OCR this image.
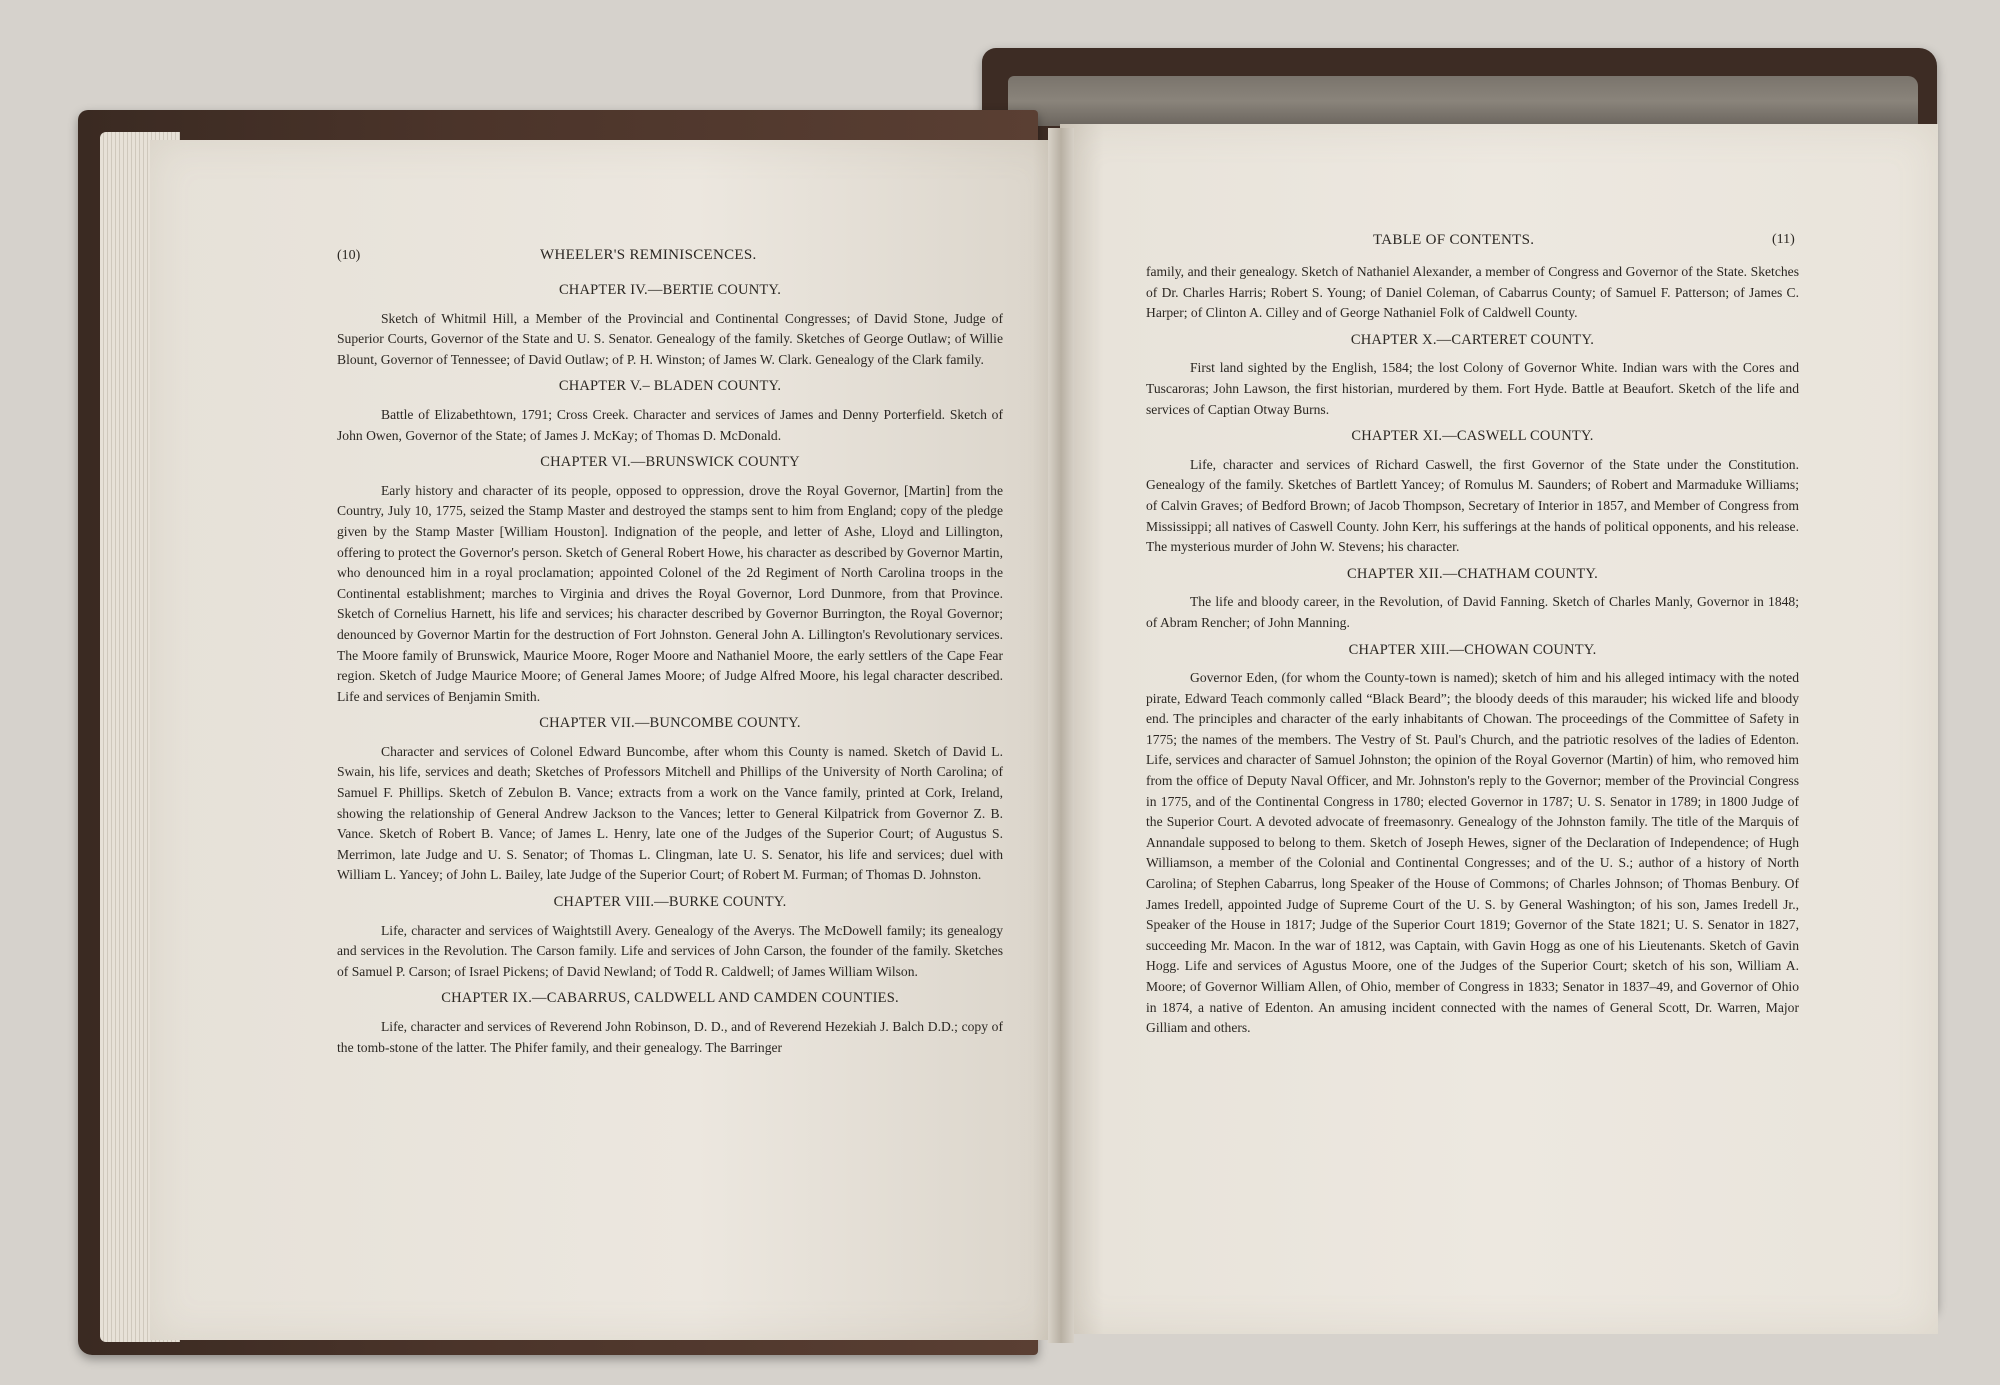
(10)	WHEELER'S REMINISCENCES.
CHAPTER IV.—BERTIE COUNTY.

Sketch of Whitmil Hill, a Member of the Provincial and Continental Congresses; of David Stone, Judge of Superior Courts, Governor of the State and U. S. Senator. Genealogy of the family. Sketches of George Outlaw; of Willie Blount, Governor of Tennessee; of David Outlaw; of P. H. Winston; of James W. Clark. Genealogy of the Clark family.

CHAPTER V.– BLADEN COUNTY.

Battle of Elizabethtown, 1791; Cross Creek. Character and services of James and Denny Porterfield. Sketch of John Owen, Governor of the State; of James J. McKay; of Thomas D. McDonald.

CHAPTER VI.—BRUNSWICK COUNTY

Early history and character of its people, opposed to oppression, drove the Royal Governor, [Martin] from the Country, July 10, 1775, seized the Stamp Master and destroyed the stamps sent to him from England; copy of the pledge given by the Stamp Master [William Houston]. Indignation of the people, and letter of Ashe, Lloyd and Lillington, offering to protect the Governor's person. Sketch of General Robert Howe, his character as described by Governor Martin, who denounced him in a royal proclamation; appointed Colonel of the 2d Regiment of North Carolina troops in the Continental establishment; marches to Virginia and drives the Royal Governor, Lord Dunmore, from that Province. Sketch of Cornelius Harnett, his life and services; his character described by Governor Burrington, the Royal Governor; denounced by Governor Martin for the destruction of Fort Johnston. General John A. Lillington's Revolutionary services. The Moore family of Brunswick, Maurice Moore, Roger Moore and Nathaniel Moore, the early settlers of the Cape Fear region. Sketch of Judge Maurice Moore; of General James Moore; of Judge Alfred Moore, his legal character described. Life and services of Benjamin Smith.

CHAPTER VII.—BUNCOMBE COUNTY.

Character and services of Colonel Edward Buncombe, after whom this County is named. Sketch of David L. Swain, his life, services and death; Sketches of Professors Mitchell and Phillips of the University of North Carolina; of Samuel F. Phillips. Sketch of Zebulon B. Vance; extracts from a work on the Vance family, printed at Cork, Ireland, showing the relationship of General Andrew Jackson to the Vances; letter to General Kilpatrick from Governor Z. B. Vance. Sketch of Robert B. Vance; of James L. Henry, late one of the Judges of the Superior Court; of Augustus S. Merrimon, late Judge and U. S. Senator; of Thomas L. Clingman, late U. S. Senator, his life and services; duel with William L. Yancey; of John L. Bailey, late Judge of the Superior Court; of Robert M. Furman; of Thomas D. Johnston.

CHAPTER VIII.—BURKE COUNTY.

Life, character and services of Waightstill Avery. Genealogy of the Averys. The McDowell family; its genealogy and services in the Revolution. The Carson family. Life and services of John Carson, the founder of the family. Sketches of Samuel P. Carson; of Israel Pickens; of David Newland; of Todd R. Caldwell; of James William Wilson.

CHAPTER IX.—CABARRUS, CALDWELL AND CAMDEN COUNTIES.

Life, character and services of Reverend John Robinson, D. D., and of Reverend Hezekiah J. Balch D.D.; copy of the tomb-stone of the latter. The Phifer family, and their genealogy. The Barringer

TABLE OF CONTENTS.	(11)

family, and their genealogy. Sketch of Nathaniel Alexander, a member of Congress and Governor of the State. Sketches of Dr. Charles Harris; Robert S. Young; of Daniel Coleman, of Cabarrus County; of Samuel F. Patterson; of James C. Harper; of Clinton A. Cilley and of George Nathaniel Folk of Caldwell County.

CHAPTER X.—CARTERET COUNTY.

First land sighted by the English, 1584; the lost Colony of Governor White. Indian wars with the Cores and Tuscaroras; John Lawson, the first historian, murdered by them. Fort Hyde. Battle at Beaufort. Sketch of the life and services of Captian Otway Burns.

CHAPTER XI.—CASWELL COUNTY.

Life, character and services of Richard Caswell, the first Governor of the State under the Constitution. Genealogy of the family. Sketches of Bartlett Yancey; of Romulus M. Saunders; of Robert and Marmaduke Williams; of Calvin Graves; of Bedford Brown; of Jacob Thompson, Secretary of Interior in 1857, and Member of Congress from Mississippi; all natives of Caswell County. John Kerr, his sufferings at the hands of political opponents, and his release. The mysterious murder of John W. Stevens; his character.

CHAPTER XII.—CHATHAM COUNTY.

The life and bloody career, in the Revolution, of David Fanning. Sketch of Charles Manly, Governor in 1848; of Abram Rencher; of John Manning.

CHAPTER XIII.—CHOWAN COUNTY.

Governor Eden, (for whom the County-town is named); sketch of him and his alleged intimacy with the noted pirate, Edward Teach commonly called “Black Beard”; the bloody deeds of this marauder; his wicked life and bloody end. The principles and character of the early inhabitants of Chowan. The proceedings of the Committee of Safety in 1775; the names of the members. The Vestry of St. Paul's Church, and the patriotic resolves of the ladies of Edenton. Life, services and character of Samuel Johnston; the opinion of the Royal Governor (Martin) of him, who removed him from the office of Deputy Naval Officer, and Mr. Johnston's reply to the Governor; member of the Provincial Congress in 1775, and of the Continental Congress in 1780; elected Governor in 1787; U. S. Senator in 1789; in 1800 Judge of the Superior Court. A devoted advocate of freemasonry. Genealogy of the Johnston family. The title of the Marquis of Annandale supposed to belong to them. Sketch of Joseph Hewes, signer of the Declaration of Independence; of Hugh Williamson, a member of the Colonial and Continental Congresses; and of the U. S.; author of a history of North Carolina; of Stephen Cabarrus, long Speaker of the House of Commons; of Charles Johnson; of Thomas Benbury. Of James Iredell, appointed Judge of Supreme Court of the U. S. by General Washington; of his son, James Iredell Jr., Speaker of the House in 1817; Judge of the Superior Court 1819; Governor of the State 1821; U. S. Senator in 1827, succeeding Mr. Macon. In the war of 1812, was Captain, with Gavin Hogg as one of his Lieutenants. Sketch of Gavin Hogg. Life and services of Agustus Moore, one of the Judges of the Superior Court; sketch of his son, William A. Moore; of Governor William Allen, of Ohio, member of Congress in 1833; Senator in 1837–49, and Governor of Ohio in 1874, a native of Edenton. An amusing incident connected with the names of General Scott, Dr. Warren, Major Gilliam and others.
